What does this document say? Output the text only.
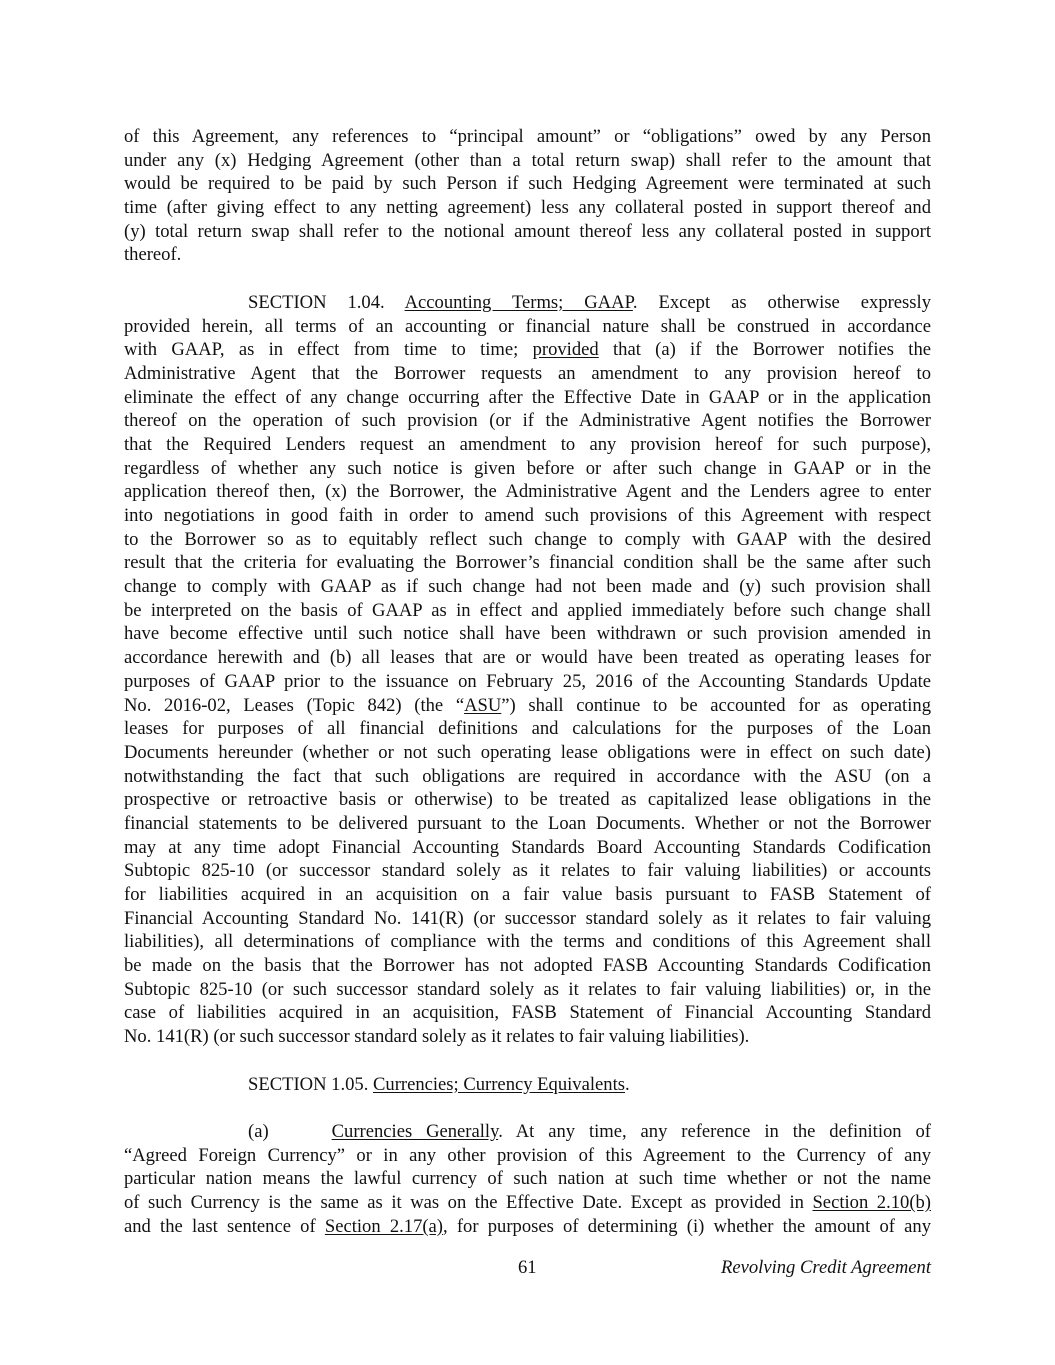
of this Agreement, any references to “principal amount” or “obligations” owed by any Person
under any (x) Hedging Agreement (other than a total return swap) shall refer to the amount that
would be required to be paid by such Person if such Hedging Agreement were terminated at such
time (after giving effect to any netting agreement) less any collateral posted in support thereof and
(y) total return swap shall refer to the notional amount thereof less any collateral posted in support
thereof.
SECTION 1.04. Accounting Terms; GAAP. Except as otherwise expressly
provided herein, all terms of an accounting or financial nature shall be construed in accordance
with GAAP, as in effect from time to time; provided that (a) if the Borrower notifies the
Administrative Agent that the Borrower requests an amendment to any provision hereof to
eliminate the effect of any change occurring after the Effective Date in GAAP or in the application
thereof on the operation of such provision (or if the Administrative Agent notifies the Borrower
that the Required Lenders request an amendment to any provision hereof for such purpose),
regardless of whether any such notice is given before or after such change in GAAP or in the
application thereof then, (x) the Borrower, the Administrative Agent and the Lenders agree to enter
into negotiations in good faith in order to amend such provisions of this Agreement with respect
to the Borrower so as to equitably reflect such change to comply with GAAP with the desired
result that the criteria for evaluating the Borrower’s financial condition shall be the same after such
change to comply with GAAP as if such change had not been made and (y) such provision shall
be interpreted on the basis of GAAP as in effect and applied immediately before such change shall
have become effective until such notice shall have been withdrawn or such provision amended in
accordance herewith and (b) all leases that are or would have been treated as operating leases for
purposes of GAAP prior to the issuance on February 25, 2016 of the Accounting Standards Update
No. 2016-02, Leases (Topic 842) (the “ASU”) shall continue to be accounted for as operating
leases for purposes of all financial definitions and calculations for the purposes of the Loan
Documents hereunder (whether or not such operating lease obligations were in effect on such date)
notwithstanding the fact that such obligations are required in accordance with the ASU (on a
prospective or retroactive basis or otherwise) to be treated as capitalized lease obligations in the
financial statements to be delivered pursuant to the Loan Documents. Whether or not the Borrower
may at any time adopt Financial Accounting Standards Board Accounting Standards Codification
Subtopic 825-10 (or successor standard solely as it relates to fair valuing liabilities) or accounts
for liabilities acquired in an acquisition on a fair value basis pursuant to FASB Statement of
Financial Accounting Standard No. 141(R) (or successor standard solely as it relates to fair valuing
liabilities), all determinations of compliance with the terms and conditions of this Agreement shall
be made on the basis that the Borrower has not adopted FASB Accounting Standards Codification
Subtopic 825-10 (or such successor standard solely as it relates to fair valuing liabilities) or, in the
case of liabilities acquired in an acquisition, FASB Statement of Financial Accounting Standard
No. 141(R) (or such successor standard solely as it relates to fair valuing liabilities).
SECTION 1.05. Currencies; Currency Equivalents.
(a)	Currencies Generally. At any time, any reference in the definition of
“Agreed Foreign Currency” or in any other provision of this Agreement to the Currency of any
particular nation means the lawful currency of such nation at such time whether or not the name
of such Currency is the same as it was on the Effective Date. Except as provided in Section 2.10(b)
and the last sentence of Section 2.17(a), for purposes of determining (i) whether the amount of any
61	Revolving Credit Agreement
